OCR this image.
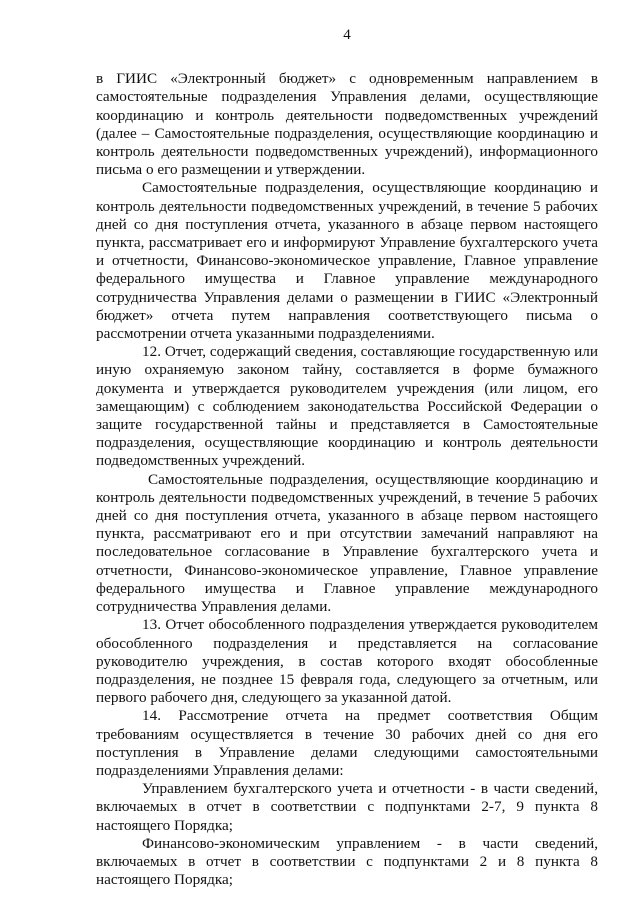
4

в ГИИС «Электронный бюджет» с одновременным направлением в самостоятельные подразделения Управления делами, осуществляющие координацию и контроль деятельности подведомственных учреждений (далее – Самостоятельные подразделения, осуществляющие координацию и контроль деятельности подведомственных учреждений), информационного письма о его размещении и утверждении.

Самостоятельные подразделения, осуществляющие координацию и контроль деятельности подведомственных учреждений, в течение 5 рабочих дней со дня поступления отчета, указанного в абзаце первом настоящего пункта, рассматривает его и информируют Управление бухгалтерского учета и отчетности, Финансово-экономическое управление, Главное управление федерального имущества и Главное управление международного сотрудничества Управления делами о размещении в ГИИС «Электронный бюджет» отчета путем направления соответствующего письма о рассмотрении отчета указанными подразделениями.

12. Отчет, содержащий сведения, составляющие государственную или иную охраняемую законом тайну, составляется в форме бумажного документа и утверждается руководителем учреждения (или лицом, его замещающим) с соблюдением законодательства Российской Федерации о защите государственной тайны и представляется в Самостоятельные подразделения, осуществляющие координацию и контроль деятельности подведомственных учреждений.

Самостоятельные подразделения, осуществляющие координацию и контроль деятельности подведомственных учреждений, в течение 5 рабочих дней со дня поступления отчета, указанного в абзаце первом настоящего пункта, рассматривают его и при отсутствии замечаний направляют на последовательное согласование в Управление бухгалтерского учета и отчетности, Финансово-экономическое управление, Главное управление федерального имущества и Главное управление международного сотрудничества Управления делами.

13. Отчет обособленного подразделения утверждается руководителем обособленного подразделения и представляется на согласование руководителю учреждения, в состав которого входят обособленные подразделения, не позднее 15 февраля года, следующего за отчетным, или первого рабочего дня, следующего за указанной датой.

14. Рассмотрение отчета на предмет соответствия Общим требованиям осуществляется в течение 30 рабочих дней со дня его поступления в Управление делами следующими самостоятельными подразделениями Управления делами:

Управлением бухгалтерского учета и отчетности - в части сведений, включаемых в отчет в соответствии с подпунктами 2-7, 9 пункта 8 настоящего Порядка;

Финансово-экономическим управлением - в части сведений, включаемых в отчет в соответствии с подпунктами 2 и 8 пункта 8 настоящего Порядка;
